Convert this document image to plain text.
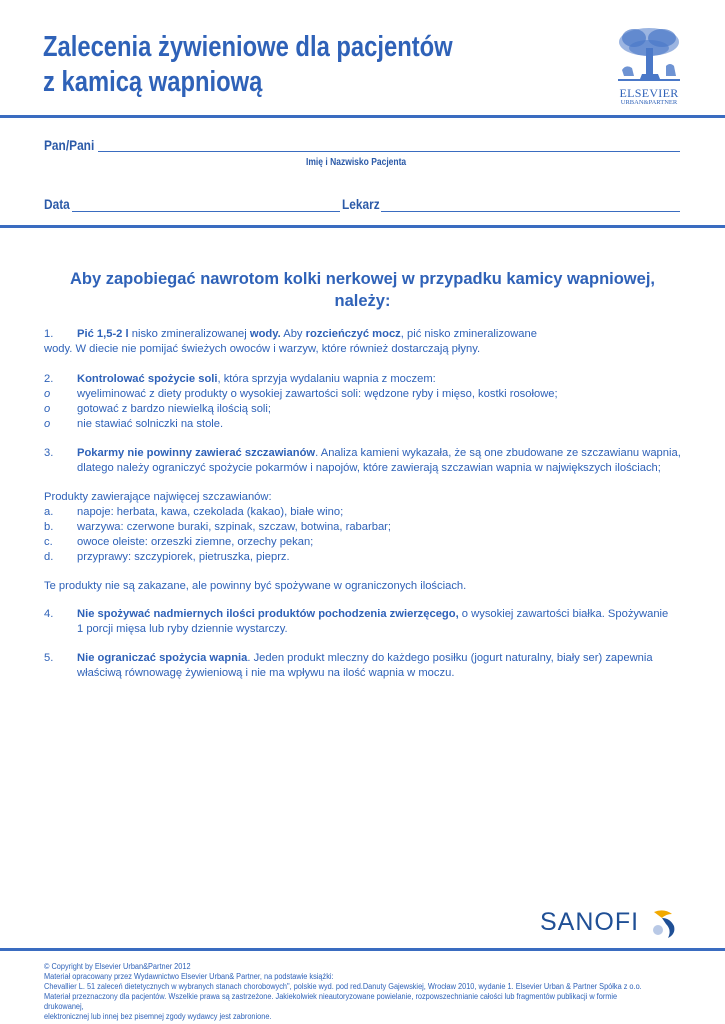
Zalecenia żywieniowe dla pacjentów
z kamicą wapniową	ELSEVIER
URBAN&PARTNER
Pan/Pani
Imię i Nazwisko Pacjenta
Data	Lekarz
Aby zapobiegać nawrotom kolki nerkowej w przypadku kamicy wapniowej, należy:
1. Pić 1,5-2 l nisko zmineralizowanej wody. Aby rozcieńczyć mocz, pić nisko zmineralizowane
wody. W diecie nie pomijać świeżych owoców i warzyw, które również dostarczają płyny.
2. Kontrolować spożycie soli, która sprzyja wydalaniu wapnia z moczem:
o wyeliminować z diety produkty o wysokiej zawartości soli: wędzone ryby i mięso, kostki rosołowe;
o gotować z bardzo niewielką ilością soli;
o nie stawiać solniczki na stole.
3. Pokarmy nie powinny zawierać szczawianów. Analiza kamieni wykazała, że są one zbudowane ze szczawianu wapnia,
dlatego należy ograniczyć spożycie pokarmów i napojów, które zawierają szczawian wapnia w największych ilościach;
Produkty zawierające najwięcej szczawianów:
a. napoje: herbata, kawa, czekolada (kakao), białe wino;
b. warzywa: czerwone buraki, szpinak, szczaw, botwina, rabarbar;
c. owoce oleiste: orzeszki ziemne, orzechy pekan;
d. przyprawy: szczypiorek, pietruszka, pieprz.
Te produkty nie są zakazane, ale powinny być spożywane w ograniczonych ilościach.
4. Nie spożywać nadmiernych ilości produktów pochodzenia zwierzęcego, o wysokiej zawartości białka. Spożywanie
1 porcji mięsa lub ryby dziennie wystarczy.
5. Nie ograniczać spożycia wapnia. Jeden produkt mleczny do każdego posiłku (jogurt naturalny, biały ser) zapewnia
właściwą równowagę żywieniową i nie ma wpływu na ilość wapnia w moczu.
SANOFI
© Copyright by Elsevier Urban&Partner 2012
Materiał opracowany przez Wydawnictwo Elsevier Urban& Partner, na podstawie książki:
Chevallier L. 51 zaleceń dietetycznych w wybranych stanach chorobowych", polskie wyd. pod red.Danuty Gajewskiej, Wrocław 2010, wydanie 1. Elsevier Urban & Partner Spółka z o.o.
Materiał przeznaczony dla pacjentów. Wszelkie prawa są zastrzeżone. Jakiekolwiek nieautoryzowane powielanie, rozpowszechnianie całości lub fragmentów publikacji w formie drukowanej,
elektronicznej lub innej bez pisemnej zgody wydawcy jest zabronione.
